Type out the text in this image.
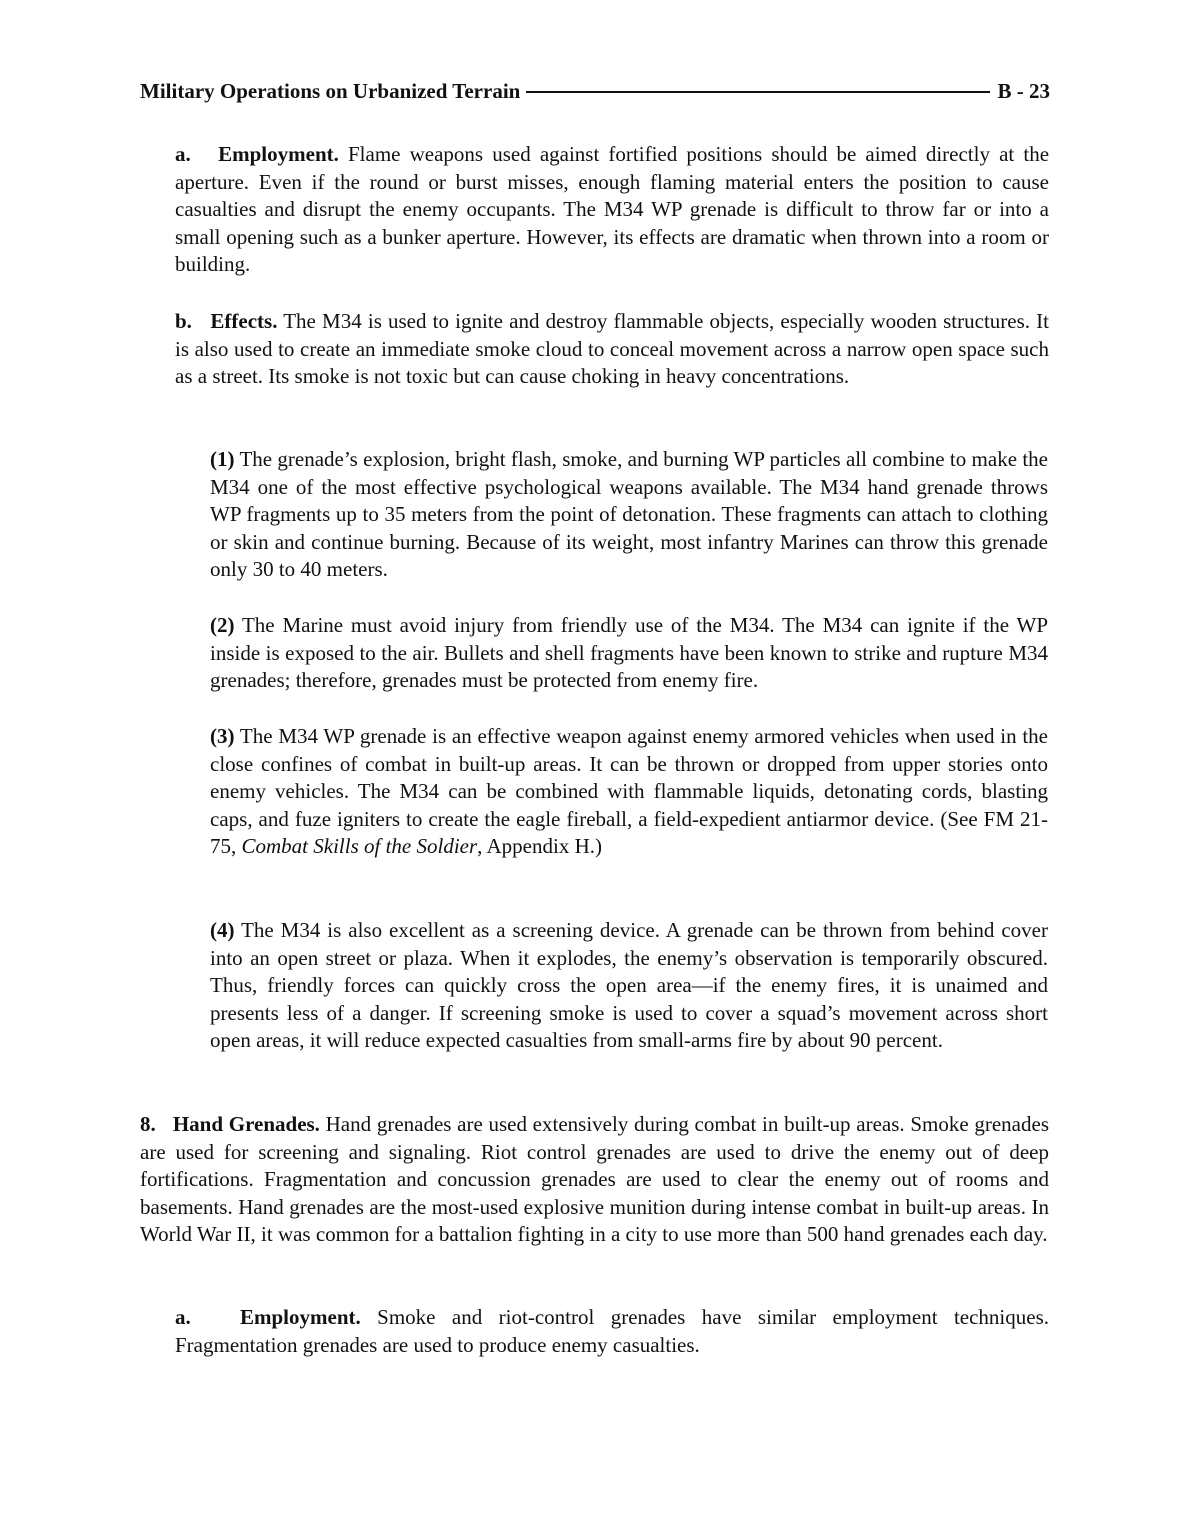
Military Operations on Urbanized Terrain	B - 23

a. Employment. Flame weapons used against fortified positions should be aimed directly at the aperture. Even if the round or burst misses, enough flaming material enters the position to cause casualties and disrupt the enemy occupants. The M34 WP grenade is difficult to throw far or into a small opening such as a bunker aperture. However, its effects are dramatic when thrown into a room or building.

b. Effects. The M34 is used to ignite and destroy flammable objects, especially wooden structures. It is also used to create an immediate smoke cloud to conceal movement across a narrow open space such as a street. Its smoke is not toxic but can cause choking in heavy concentrations.

(1) The grenade’s explosion, bright flash, smoke, and burning WP particles all combine to make the M34 one of the most effective psychological weapons available. The M34 hand grenade throws WP fragments up to 35 meters from the point of detonation. These fragments can attach to clothing or skin and continue burning. Because of its weight, most infantry Marines can throw this grenade only 30 to 40 meters.

(2) The Marine must avoid injury from friendly use of the M34. The M34 can ignite if the WP inside is exposed to the air. Bullets and shell fragments have been known to strike and rupture M34 grenades; therefore, grenades must be protected from enemy fire.

(3) The M34 WP grenade is an effective weapon against enemy armored vehicles when used in the close confines of combat in built-up areas. It can be thrown or dropped from upper stories onto enemy vehicles. The M34 can be combined with flammable liquids, detonating cords, blasting caps, and fuze igniters to create the eagle fireball, a field-expedient antiarmor device. (See FM 21-75, Combat Skills of the Soldier, Appendix H.)

(4) The M34 is also excellent as a screening device. A grenade can be thrown from behind cover into an open street or plaza. When it explodes, the enemy’s observation is temporarily obscured. Thus, friendly forces can quickly cross the open area—if the enemy fires, it is unaimed and presents less of a danger. If screening smoke is used to cover a squad’s movement across short open areas, it will reduce expected casualties from small-arms fire by about 90 percent.

8. Hand Grenades. Hand grenades are used extensively during combat in built-up areas. Smoke grenades are used for screening and signaling. Riot control grenades are used to drive the enemy out of deep fortifications. Fragmentation and concussion grenades are used to clear the enemy out of rooms and basements. Hand grenades are the most-used explosive munition during intense combat in built-up areas. In World War II, it was common for a battalion fighting in a city to use more than 500 hand grenades each day.

a. Employment. Smoke and riot-control grenades have similar employment techniques. Fragmentation grenades are used to produce enemy casualties.
